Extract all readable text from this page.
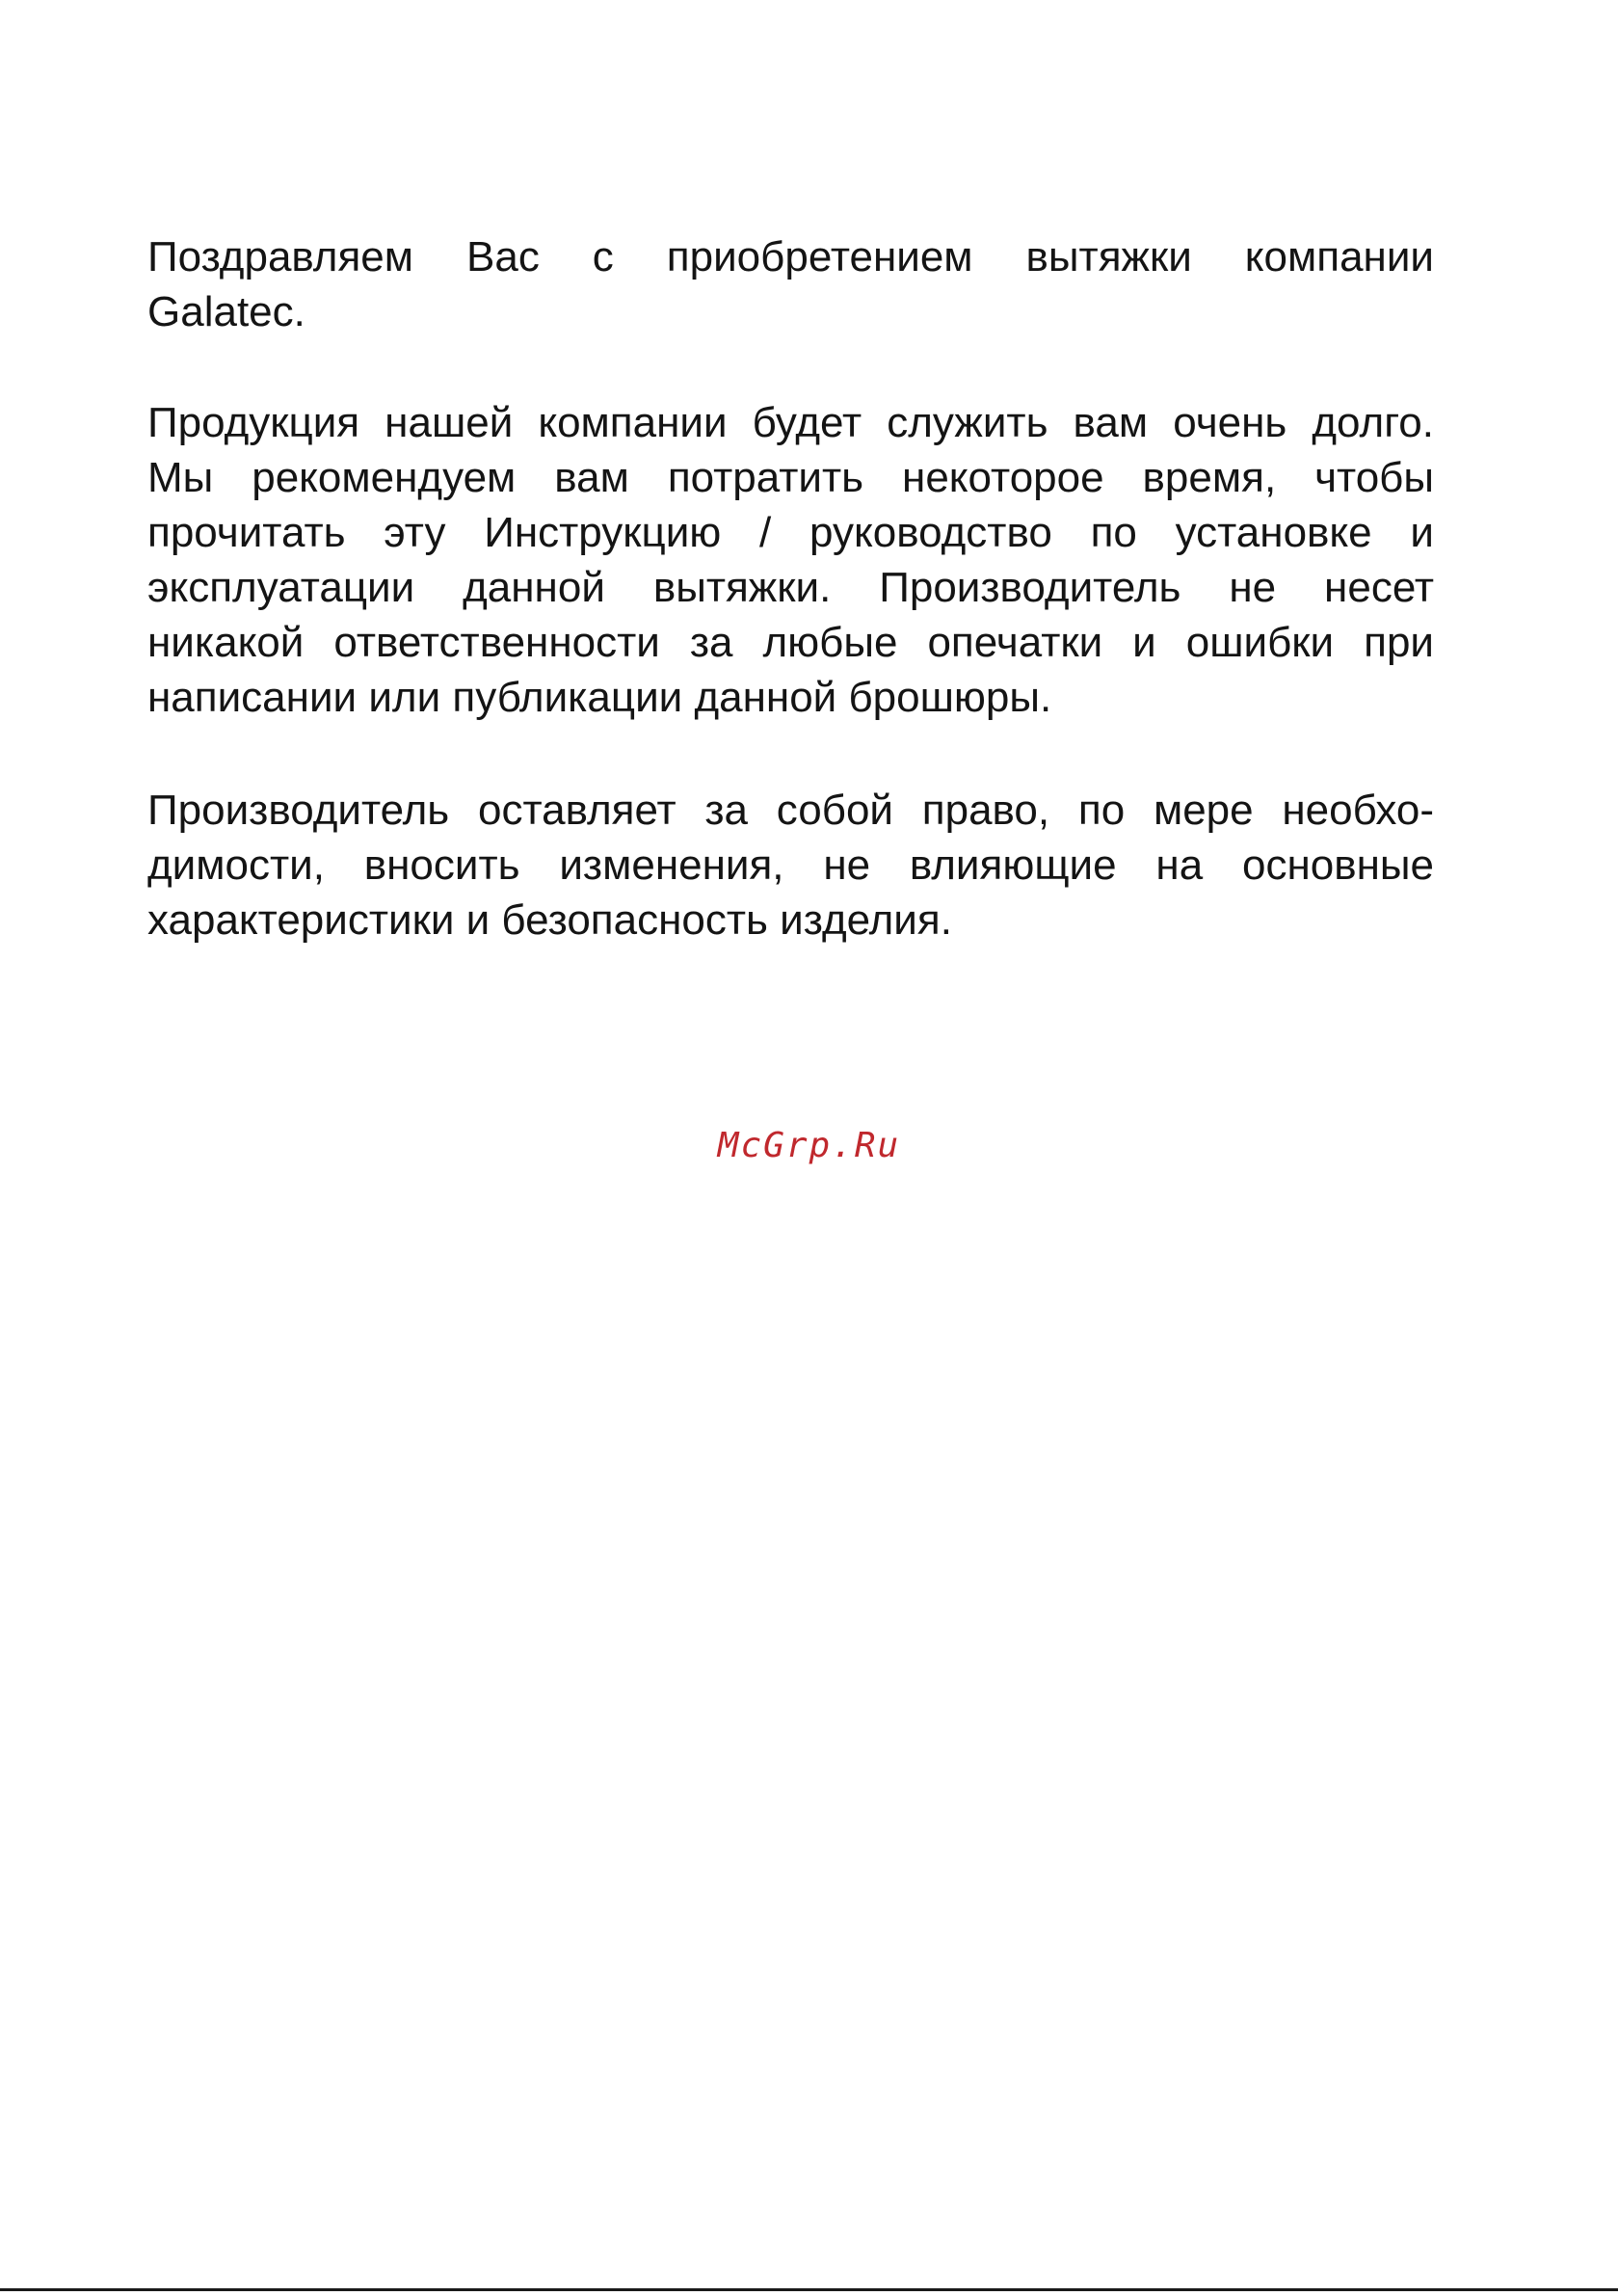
Поздравляем Вас с приобретением вытяжки компании
Galatec.
Продукция нашей компании будет служить вам очень долго.
Мы рекомендуем вам потратить некоторое время, чтобы
прочитать эту Инструкцию / руководство по установке и
эксплуатации данной вытяжки. Производитель не несет
никакой ответственности за любые опечатки и ошибки при
написании или публикации данной брошюры.
Производитель оставляет за собой право, по мере необхо-
димости, вносить изменения, не влияющие на основные
характеристики и безопасность изделия.
McGrp.Ru
